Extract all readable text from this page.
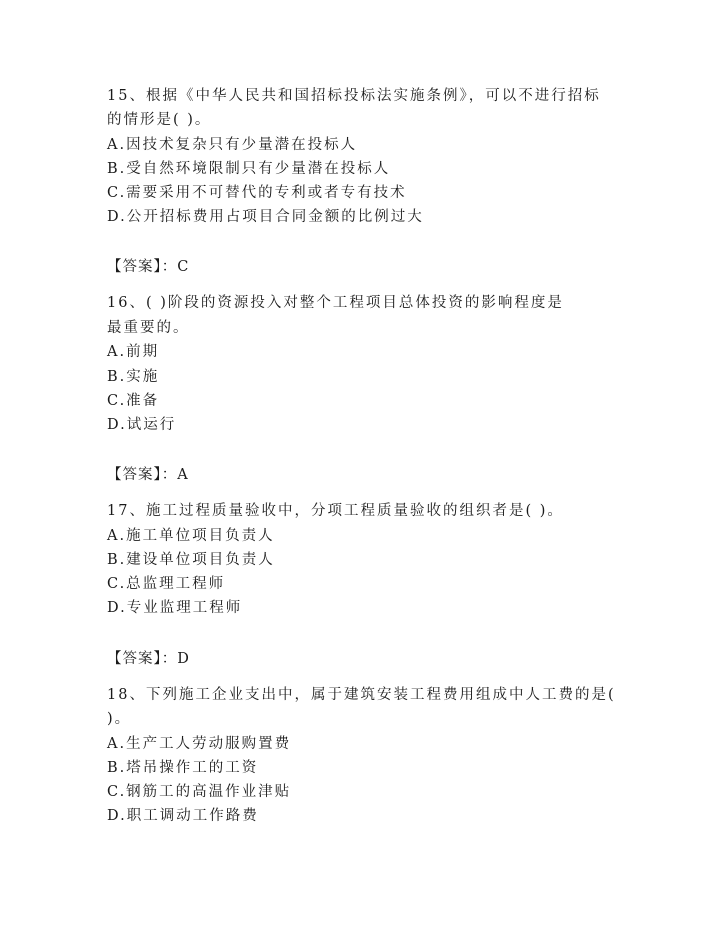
15、根据《中华人民共和国招标投标法实施条例》，可以不进行招标
的情形是( )。
A.因技术复杂只有少量潜在投标人
B.受自然环境限制只有少量潜在投标人
C.需要采用不可替代的专利或者专有技术
D.公开招标费用占项目合同金额的比例过大
【答案】：C
16、( )阶段的资源投入对整个工程项目总体投资的影响程度是
最重要的。
A.前期
B.实施
C.准备
D.试运行
【答案】：A
17、施工过程质量验收中，分项工程质量验收的组织者是( )。
A.施工单位项目负责人
B.建设单位项目负责人
C.总监理工程师
D.专业监理工程师
【答案】：D
18、下列施工企业支出中，属于建筑安装工程费用组成中人工费的是(
)。
A.生产工人劳动服购置费
B.塔吊操作工的工资
C.钢筋工的高温作业津贴
D.职工调动工作路费
